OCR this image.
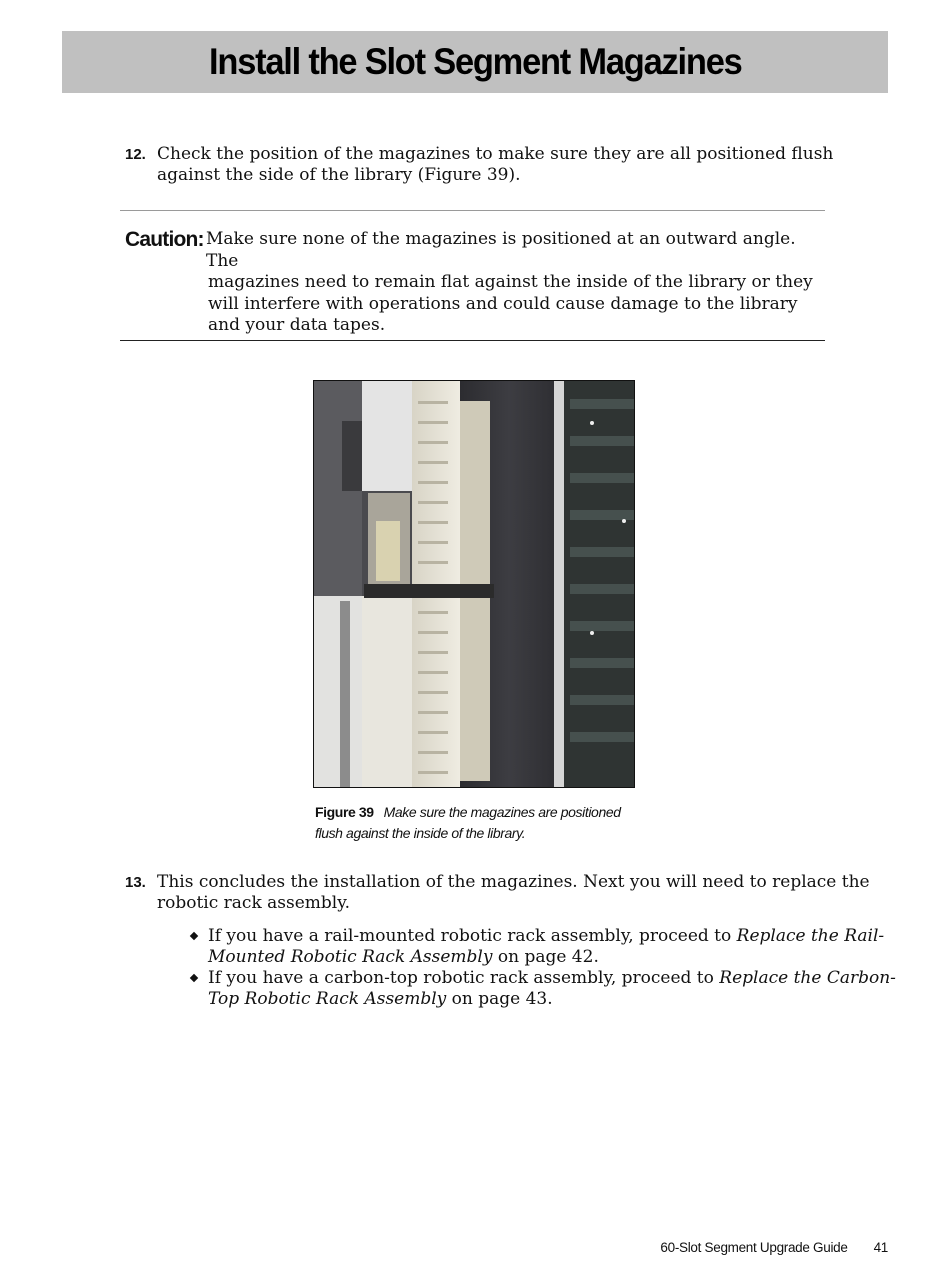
Install the Slot Segment Magazines
12. Check the position of the magazines to make sure they are all positioned flush against the side of the library (Figure 39).
Caution: Make sure none of the magazines is positioned at an outward angle. The
magazines need to remain flat against the inside of the library or they will interfere with operations and could cause damage to the library and your data tapes.
Figure 39 Make sure the magazines are positioned flush against the inside of the library.
13. This concludes the installation of the magazines. Next you will need to replace the robotic rack assembly.
If you have a rail-mounted robotic rack assembly, proceed to Replace the Rail-Mounted Robotic Rack Assembly on page 42.
If you have a carbon-top robotic rack assembly, proceed to Replace the Carbon-Top Robotic Rack Assembly on page 43.
60-Slot Segment Upgrade Guide 41
